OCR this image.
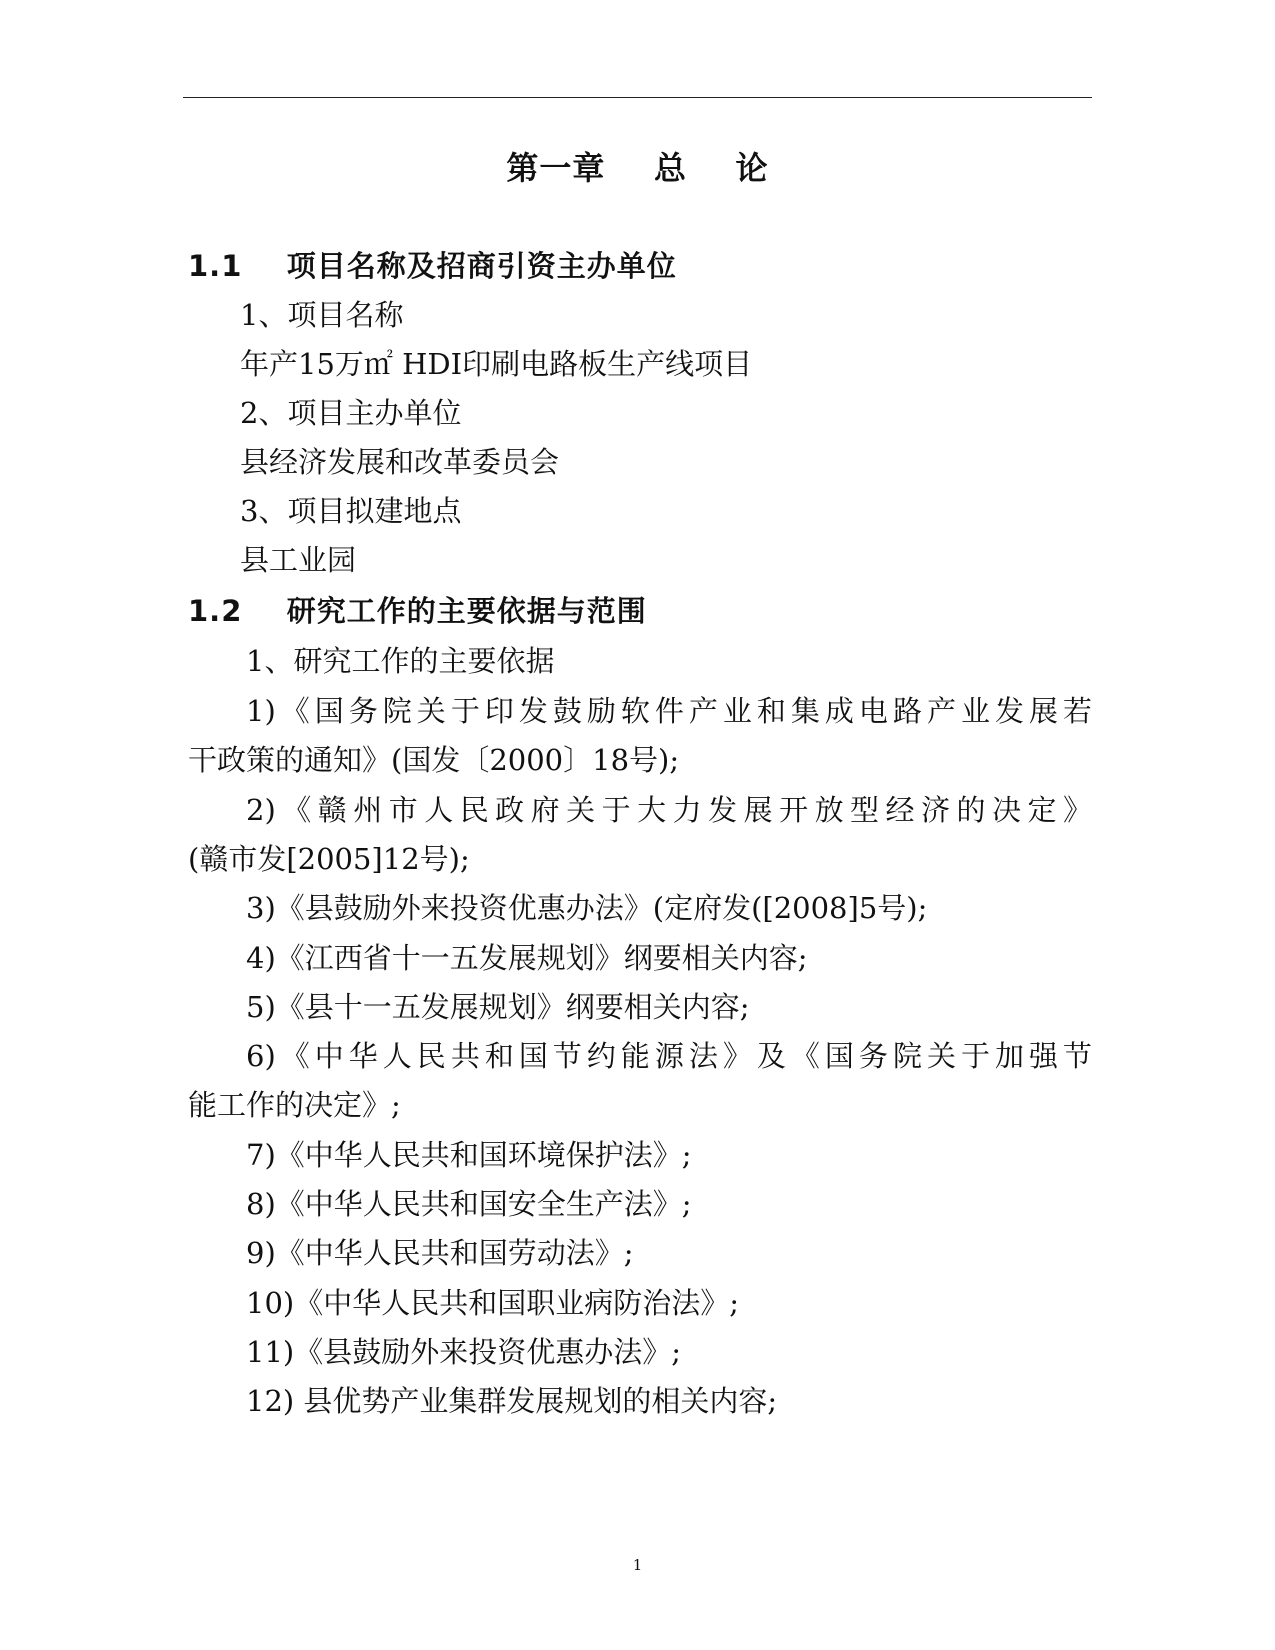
第一章    总    论
1.1    项目名称及招商引资主办单位
1、项目名称
年产15万㎡ HDI印刷电路板生产线项目
2、项目主办单位
县经济发展和改革委员会
3、项目拟建地点
县工业园
1.2    研究工作的主要依据与范围
1、研究工作的主要依据
1)《国务院关于印发鼓励软件产业和集成电路产业发展若
干政策的通知》(国发〔2000〕18号);
2)《赣州市人民政府关于大力发展开放型经济的决定》
(赣市发[2005]12号);
3)《县鼓励外来投资优惠办法》(定府发([2008]5号);
4)《江西省十一五发展规划》纲要相关内容;
5)《县十一五发展规划》纲要相关内容;
6)《中华人民共和国节约能源法》及《国务院关于加强节
能工作的决定》;
7)《中华人民共和国环境保护法》;
8)《中华人民共和国安全生产法》;
9)《中华人民共和国劳动法》;
10)《中华人民共和国职业病防治法》;
11)《县鼓励外来投资优惠办法》;
12) 县优势产业集群发展规划的相关内容;
1
